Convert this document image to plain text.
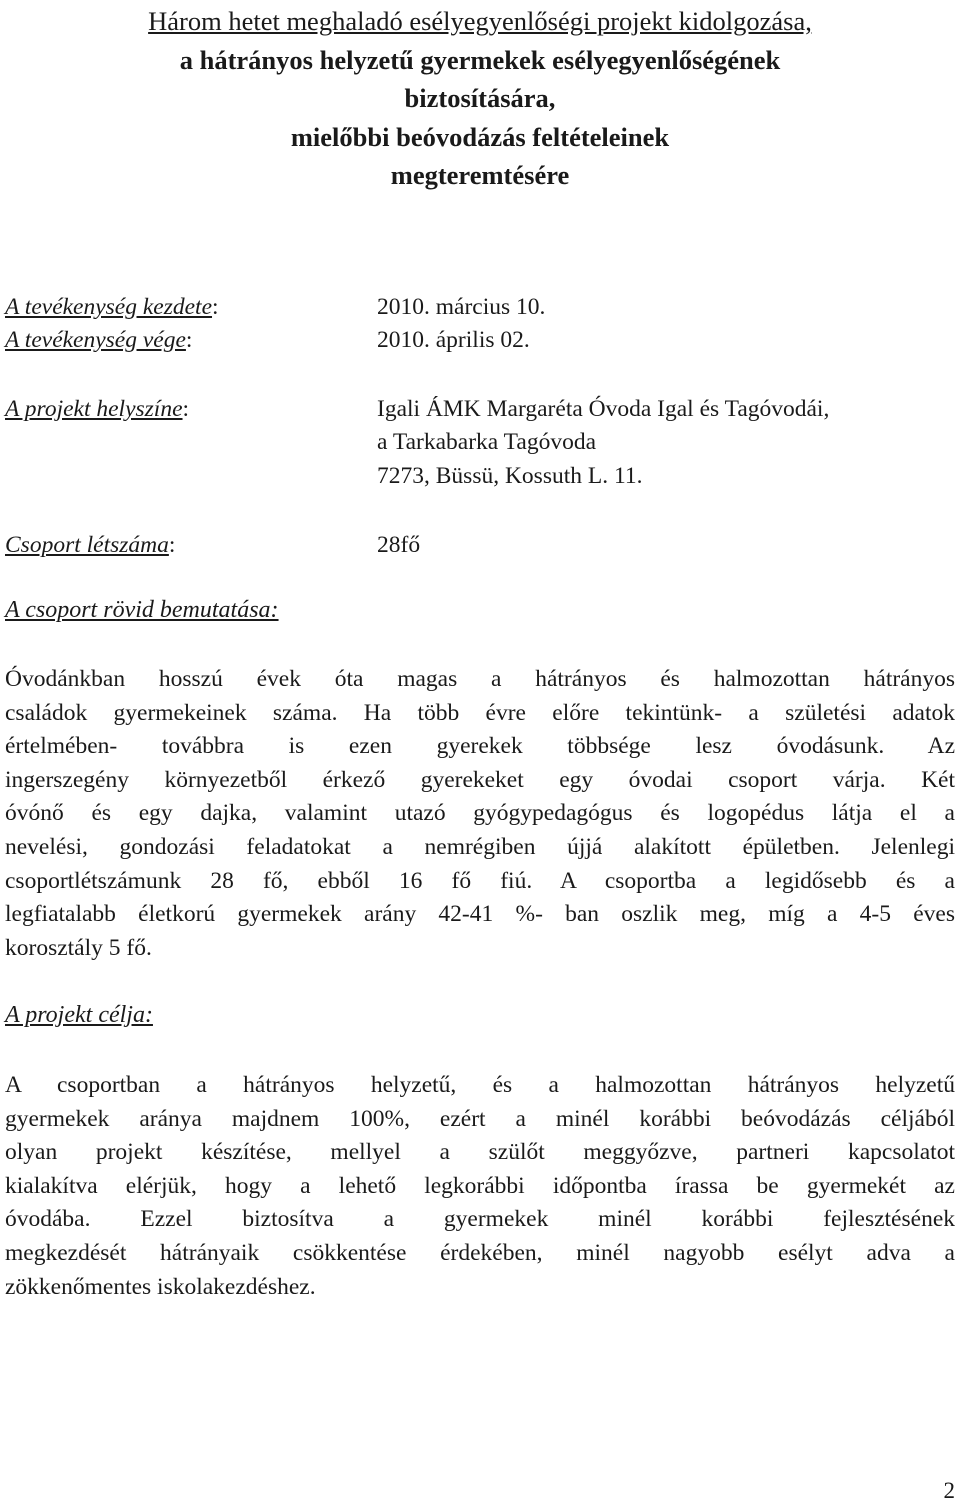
Három hetet meghaladó esélyegyenlőségi projekt kidolgozása,
a hátrányos helyzetű gyermekek esélyegyenlőségének
biztosítására,
mielőbbi beóvodázás feltételeinek
megteremtésére
A tevékenység kezdete:	2010. március 10.
A tevékenység vége:	2010. április 02.
A projekt helyszíne:	Igali ÁMK Margaréta Óvoda Igal és Tagóvodái,
a Tarkabarka Tagóvoda
7273, Büssü, Kossuth L. 11.
Csoport létszáma:	28fő
A csoport rövid bemutatása:
Óvodánkban hosszú évek óta magas a hátrányos és halmozottan hátrányos
családok gyermekeinek száma. Ha több évre előre tekintünk- a születési adatok
értelmében- továbbra is ezen gyerekek többsége lesz óvodásunk. Az
ingerszegény környezetből érkező gyerekeket egy óvodai csoport várja. Két
óvónő és egy dajka, valamint utazó gyógypedagógus és logopédus látja el a
nevelési, gondozási feladatokat a nemrégiben újjá alakított épületben. Jelenlegi
csoportlétszámunk 28 fő, ebből 16 fő fiú. A csoportba a legidősebb és a
legfiatalabb életkorú gyermekek arány 42-41 %- ban oszlik meg, míg a 4-5 éves
korosztály 5 fő.
A projekt célja:
A csoportban a hátrányos helyzetű, és a halmozottan hátrányos helyzetű
gyermekek aránya majdnem 100%, ezért a minél korábbi beóvodázás céljából
olyan projekt készítése, mellyel a szülőt meggyőzve, partneri kapcsolatot
kialakítva elérjük, hogy a lehető legkorábbi időpontba írassa be gyermekét az
óvodába. Ezzel biztosítva a gyermekek minél korábbi fejlesztésének
megkezdését hátrányaik csökkentése érdekében, minél nagyobb esélyt adva a
zökkenőmentes iskolakezdéshez.
2
